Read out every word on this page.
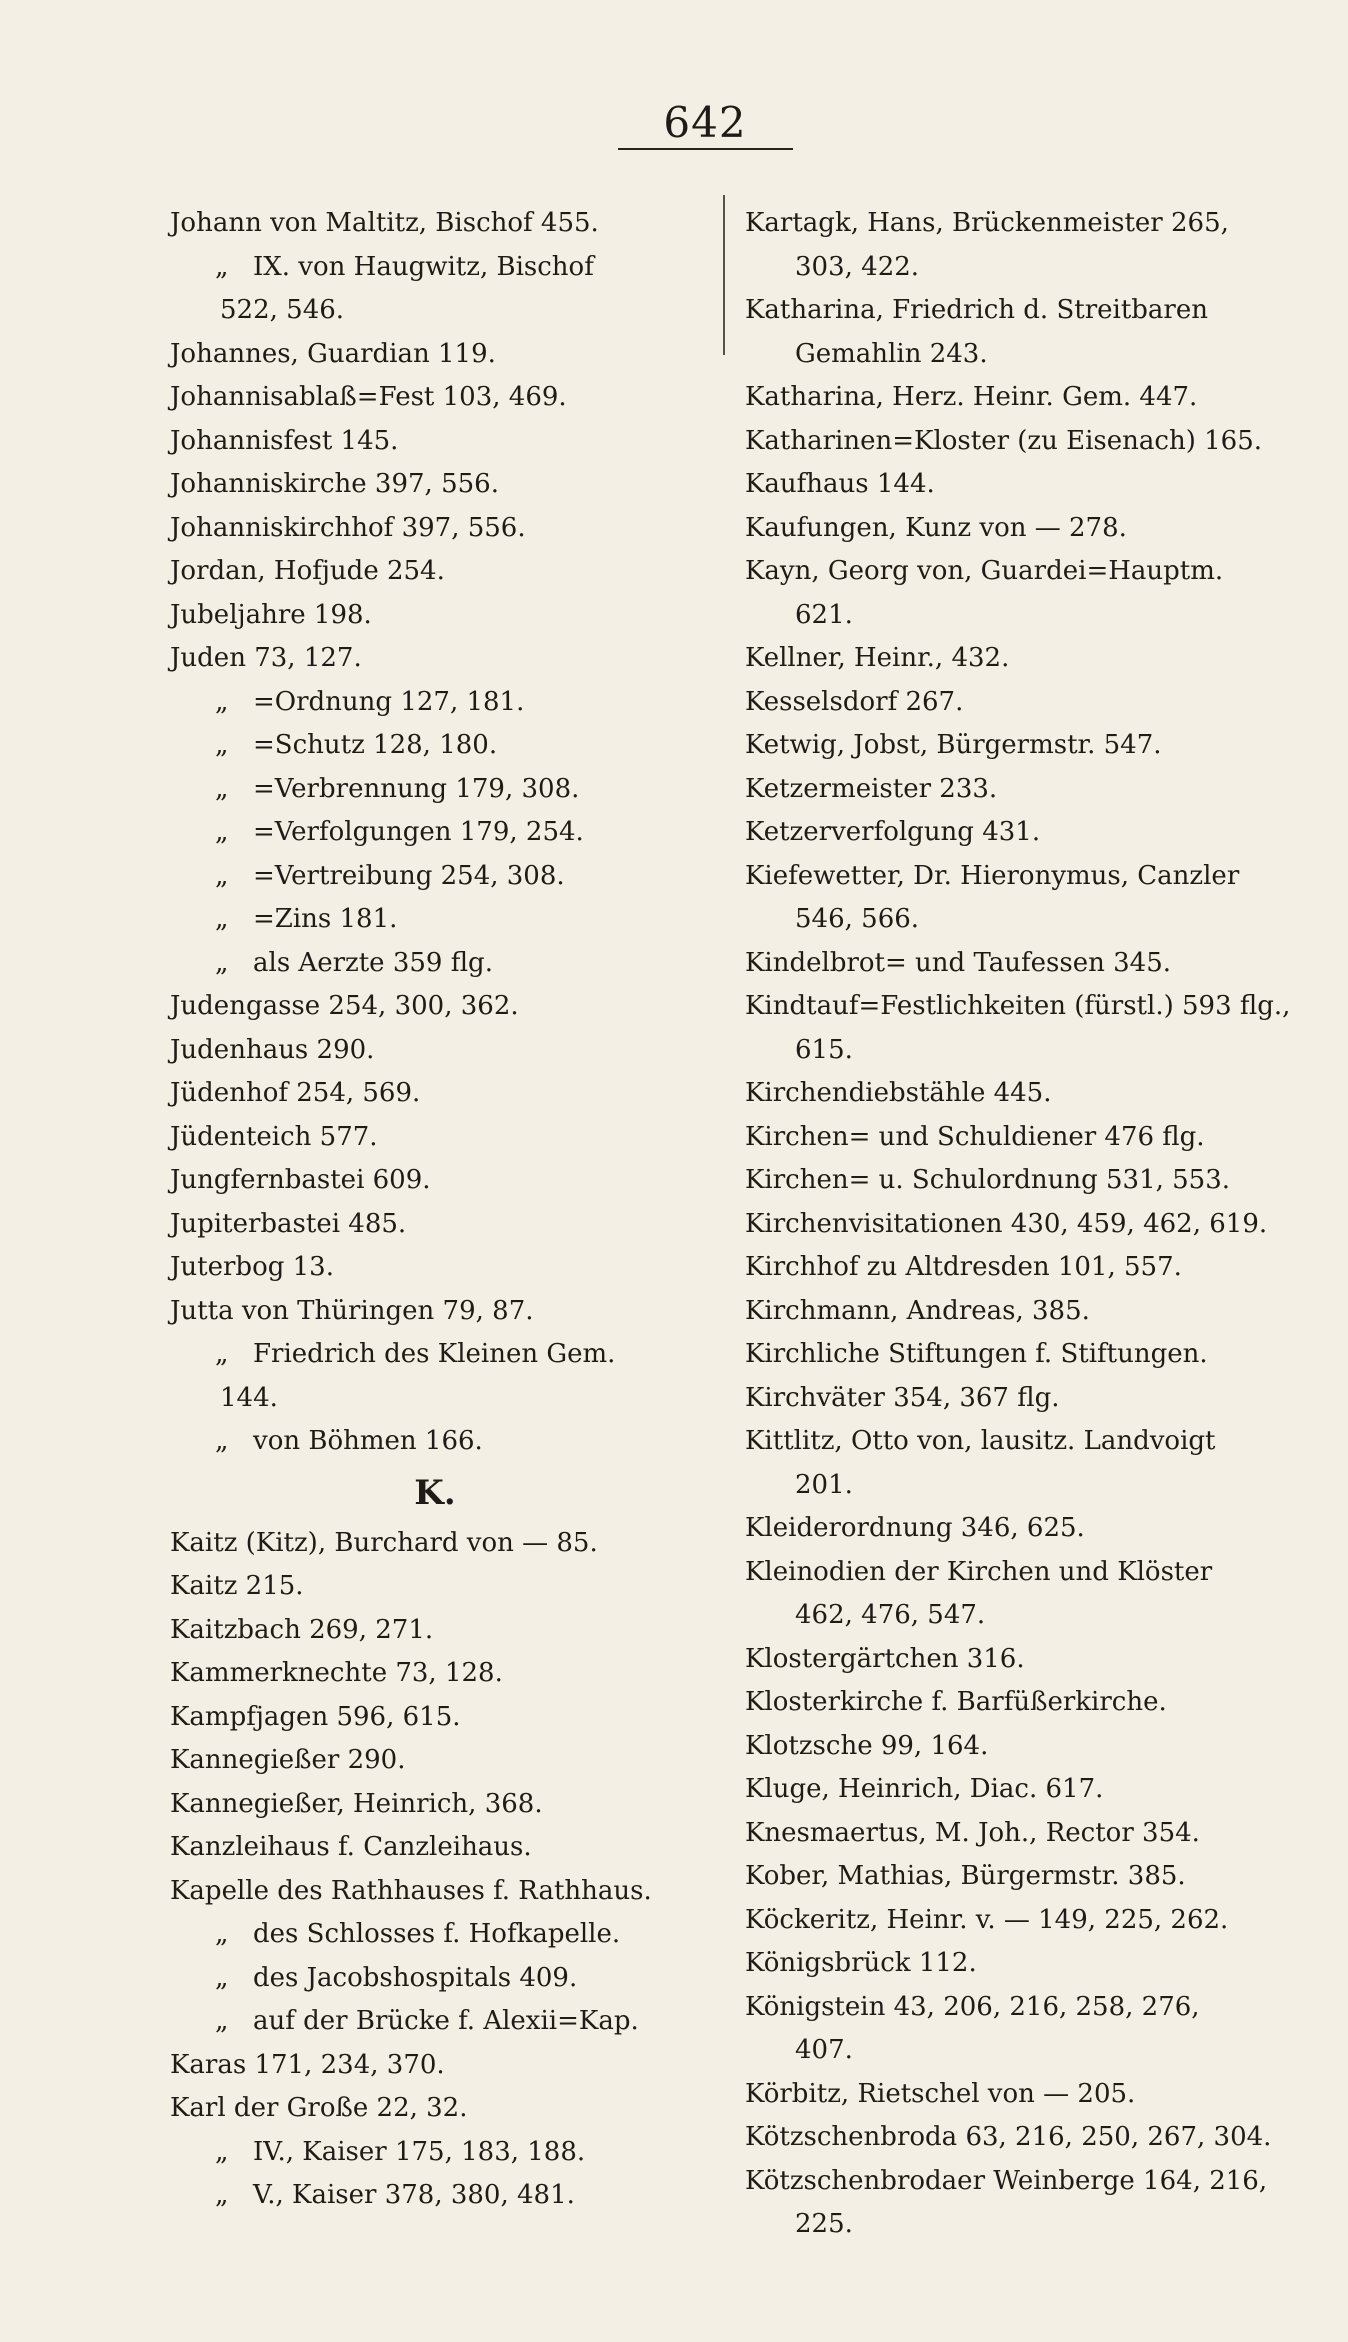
642
Johann von Maltitz, Bischof 455.
„ IX. von Haugwitz, Bischof
522, 546.
Johannes, Guardian 119.
Johannisablaß=Fest 103, 469.
Johannisfest 145.
Johanniskirche 397, 556.
Johanniskirchhof 397, 556.
Jordan, Hofjude 254.
Jubeljahre 198.
Juden 73, 127.
„ =Ordnung 127, 181.
„ =Schutz 128, 180.
„ =Verbrennung 179, 308.
„ =Verfolgungen 179, 254.
„ =Vertreibung 254, 308.
„ =Zins 181.
„ als Aerzte 359 flg.
Judengasse 254, 300, 362.
Judenhaus 290.
Jüdenhof 254, 569.
Jüdenteich 577.
Jungfernbastei 609.
Jupiterbastei 485.
Juterbog 13.
Jutta von Thüringen 79, 87.
„ Friedrich des Kleinen Gem.
144.
„ von Böhmen 166.
K.
Kaitz (Kitz), Burchard von — 85.
Kaitz 215.
Kaitzbach 269, 271.
Kammerknechte 73, 128.
Kampfjagen 596, 615.
Kannegießer 290.
Kannegießer, Heinrich, 368.
Kanzleihaus f. Canzleihaus.
Kapelle des Rathhauses f. Rathhaus.
„ des Schlosses f. Hofkapelle.
„ des Jacobshospitals 409.
„ auf der Brücke f. Alexii=Kap.
Karas 171, 234, 370.
Karl der Große 22, 32.
„ IV., Kaiser 175, 183, 188.
„ V., Kaiser 378, 380, 481.
Kartagk, Hans, Brückenmeister 265,
303, 422.
Katharina, Friedrich d. Streitbaren
Gemahlin 243.
Katharina, Herz. Heinr. Gem. 447.
Katharinen=Kloster (zu Eisenach) 165.
Kaufhaus 144.
Kaufungen, Kunz von — 278.
Kayn, Georg von, Guardei=Hauptm.
621.
Kellner, Heinr., 432.
Kesselsdorf 267.
Ketwig, Jobst, Bürgermstr. 547.
Ketzermeister 233.
Ketzerverfolgung 431.
Kiefewetter, Dr. Hieronymus, Canzler
546, 566.
Kindelbrot= und Taufessen 345.
Kindtauf=Festlichkeiten (fürstl.) 593 flg.,
615.
Kirchendiebstähle 445.
Kirchen= und Schuldiener 476 flg.
Kirchen= u. Schulordnung 531, 553.
Kirchenvisitationen 430, 459, 462, 619.
Kirchhof zu Altdresden 101, 557.
Kirchmann, Andreas, 385.
Kirchliche Stiftungen f. Stiftungen.
Kirchväter 354, 367 flg.
Kittlitz, Otto von, lausitz. Landvoigt
201.
Kleiderordnung 346, 625.
Kleinodien der Kirchen und Klöster
462, 476, 547.
Klostergärtchen 316.
Klosterkirche f. Barfüßerkirche.
Klotzsche 99, 164.
Kluge, Heinrich, Diac. 617.
Knesmaertus, M. Joh., Rector 354.
Kober, Mathias, Bürgermstr. 385.
Köckeritz, Heinr. v. — 149, 225, 262.
Königsbrück 112.
Königstein 43, 206, 216, 258, 276,
407.
Körbitz, Rietschel von — 205.
Kötzschenbroda 63, 216, 250, 267, 304.
Kötzschenbrodaer Weinberge 164, 216,
225.
